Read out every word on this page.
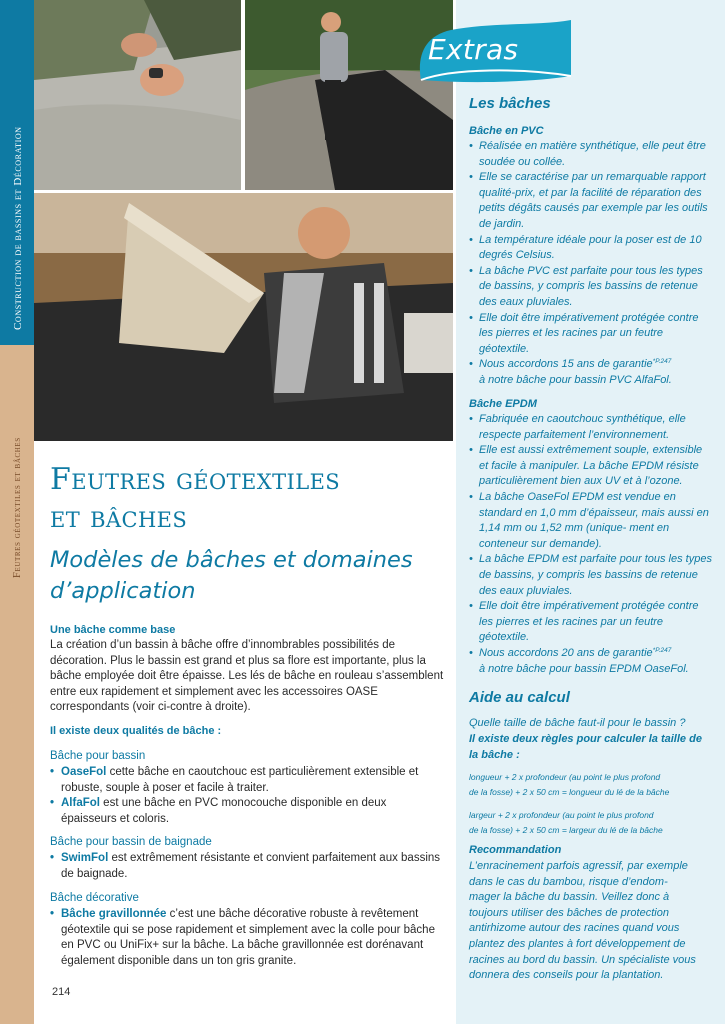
Construction de bassins et Décoration
Feutres géotextiles et bâches
Extras
Les bâches
Bâche en PVC
• Réalisée en matière synthétique, elle peut être soudée ou collée.
• Elle se caractérise par un remarquable rapport qualité-prix, et par la facilité de réparation des petits dégâts causés par exemple par les outils de jardin.
• La température idéale pour la poser est de 10 degrés Celsius.
• La bâche PVC est parfaite pour tous les types de bassins, y compris les bassins de retenue des eaux pluviales.
• Elle doit être impérativement protégée contre les pierres et les racines par un feutre géotextile.
• Nous accordons 15 ans de garantie$^{*P.247}$
à notre bâche pour bassin PVC AlfaFol.
Bâche EPDM
• Fabriquée en caoutchouc synthétique, elle respecte parfaitement l’environnement.
• Elle est aussi extrêmement souple, extensible et facile à manipuler. La bâche EPDM résiste particulièrement bien aux UV et à l’ozone.
• La bâche OaseFol EPDM est vendue en standard en 1,0 mm d’épaisseur, mais aussi en 1,14 mm ou 1,52 mm (unique- ment en conteneur sur demande).
• La bâche EPDM est parfaite pour tous les types de bassins, y compris les bassins de retenue des eaux pluviales.
• Elle doit être impérativement protégée contre les pierres et les racines par un feutre géotextile.
• Nous accordons 20 ans de garantie$^{*P.247}$
à notre bâche pour bassin EPDM OaseFol.
Aide au calcul
Quelle taille de bâche faut-il pour le bassin ?
Il existe deux règles pour calculer la taille de la bâche :
longueur + 2 x profondeur (au point le plus profond
de la fosse) + 2 x 50 cm = longueur du lé de la bâche
largeur + 2 x profondeur (au point le plus profond
de la fosse) + 2 x 50 cm = largeur du lé de la bâche
Recommandation
L’enracinement parfois agressif, par exemple dans le cas du bambou, risque d’endom- mager la bâche du bassin. Veillez donc à toujours utiliser des bâches de protection antirhizome autour des racines quand vous plantez des plantes à fort développement de racines au bord du bassin. Un spécialiste vous donnera des conseils pour la plantation.
Feutres géotextiles
et bâches
Modèles de bâches et domaines d’application
Une bâche comme base
La création d’un bassin à bâche offre d’innombrables possibilités de décoration. Plus le bassin est grand et plus sa flore est importante, plus la bâche employée doit être épaisse. Les lés de bâche en rouleau s’assemblent entre eux rapidement et simplement avec les accessoires OASE correspondants (voir ci-contre à droite).
Il existe deux qualités de bâche :
Bâche pour bassin
• OaseFol cette bâche en caoutchouc est particulièrement extensible et robuste, souple à poser et facile à traiter.
• AlfaFol est une bâche en PVC monocouche disponible en deux épaisseurs et coloris.
Bâche pour bassin de baignade
• SwimFol est extrêmement résistante et convient parfaitement aux bassins de baignade.
Bâche décorative
• Bâche gravillonnée c’est une bâche décorative robuste à revêtement géotextile qui se pose rapidement et simplement avec la colle pour bâche en PVC ou UniFix+ sur la bâche. La bâche gravillonnée est dorénavant également disponible dans un ton gris granite.
214
